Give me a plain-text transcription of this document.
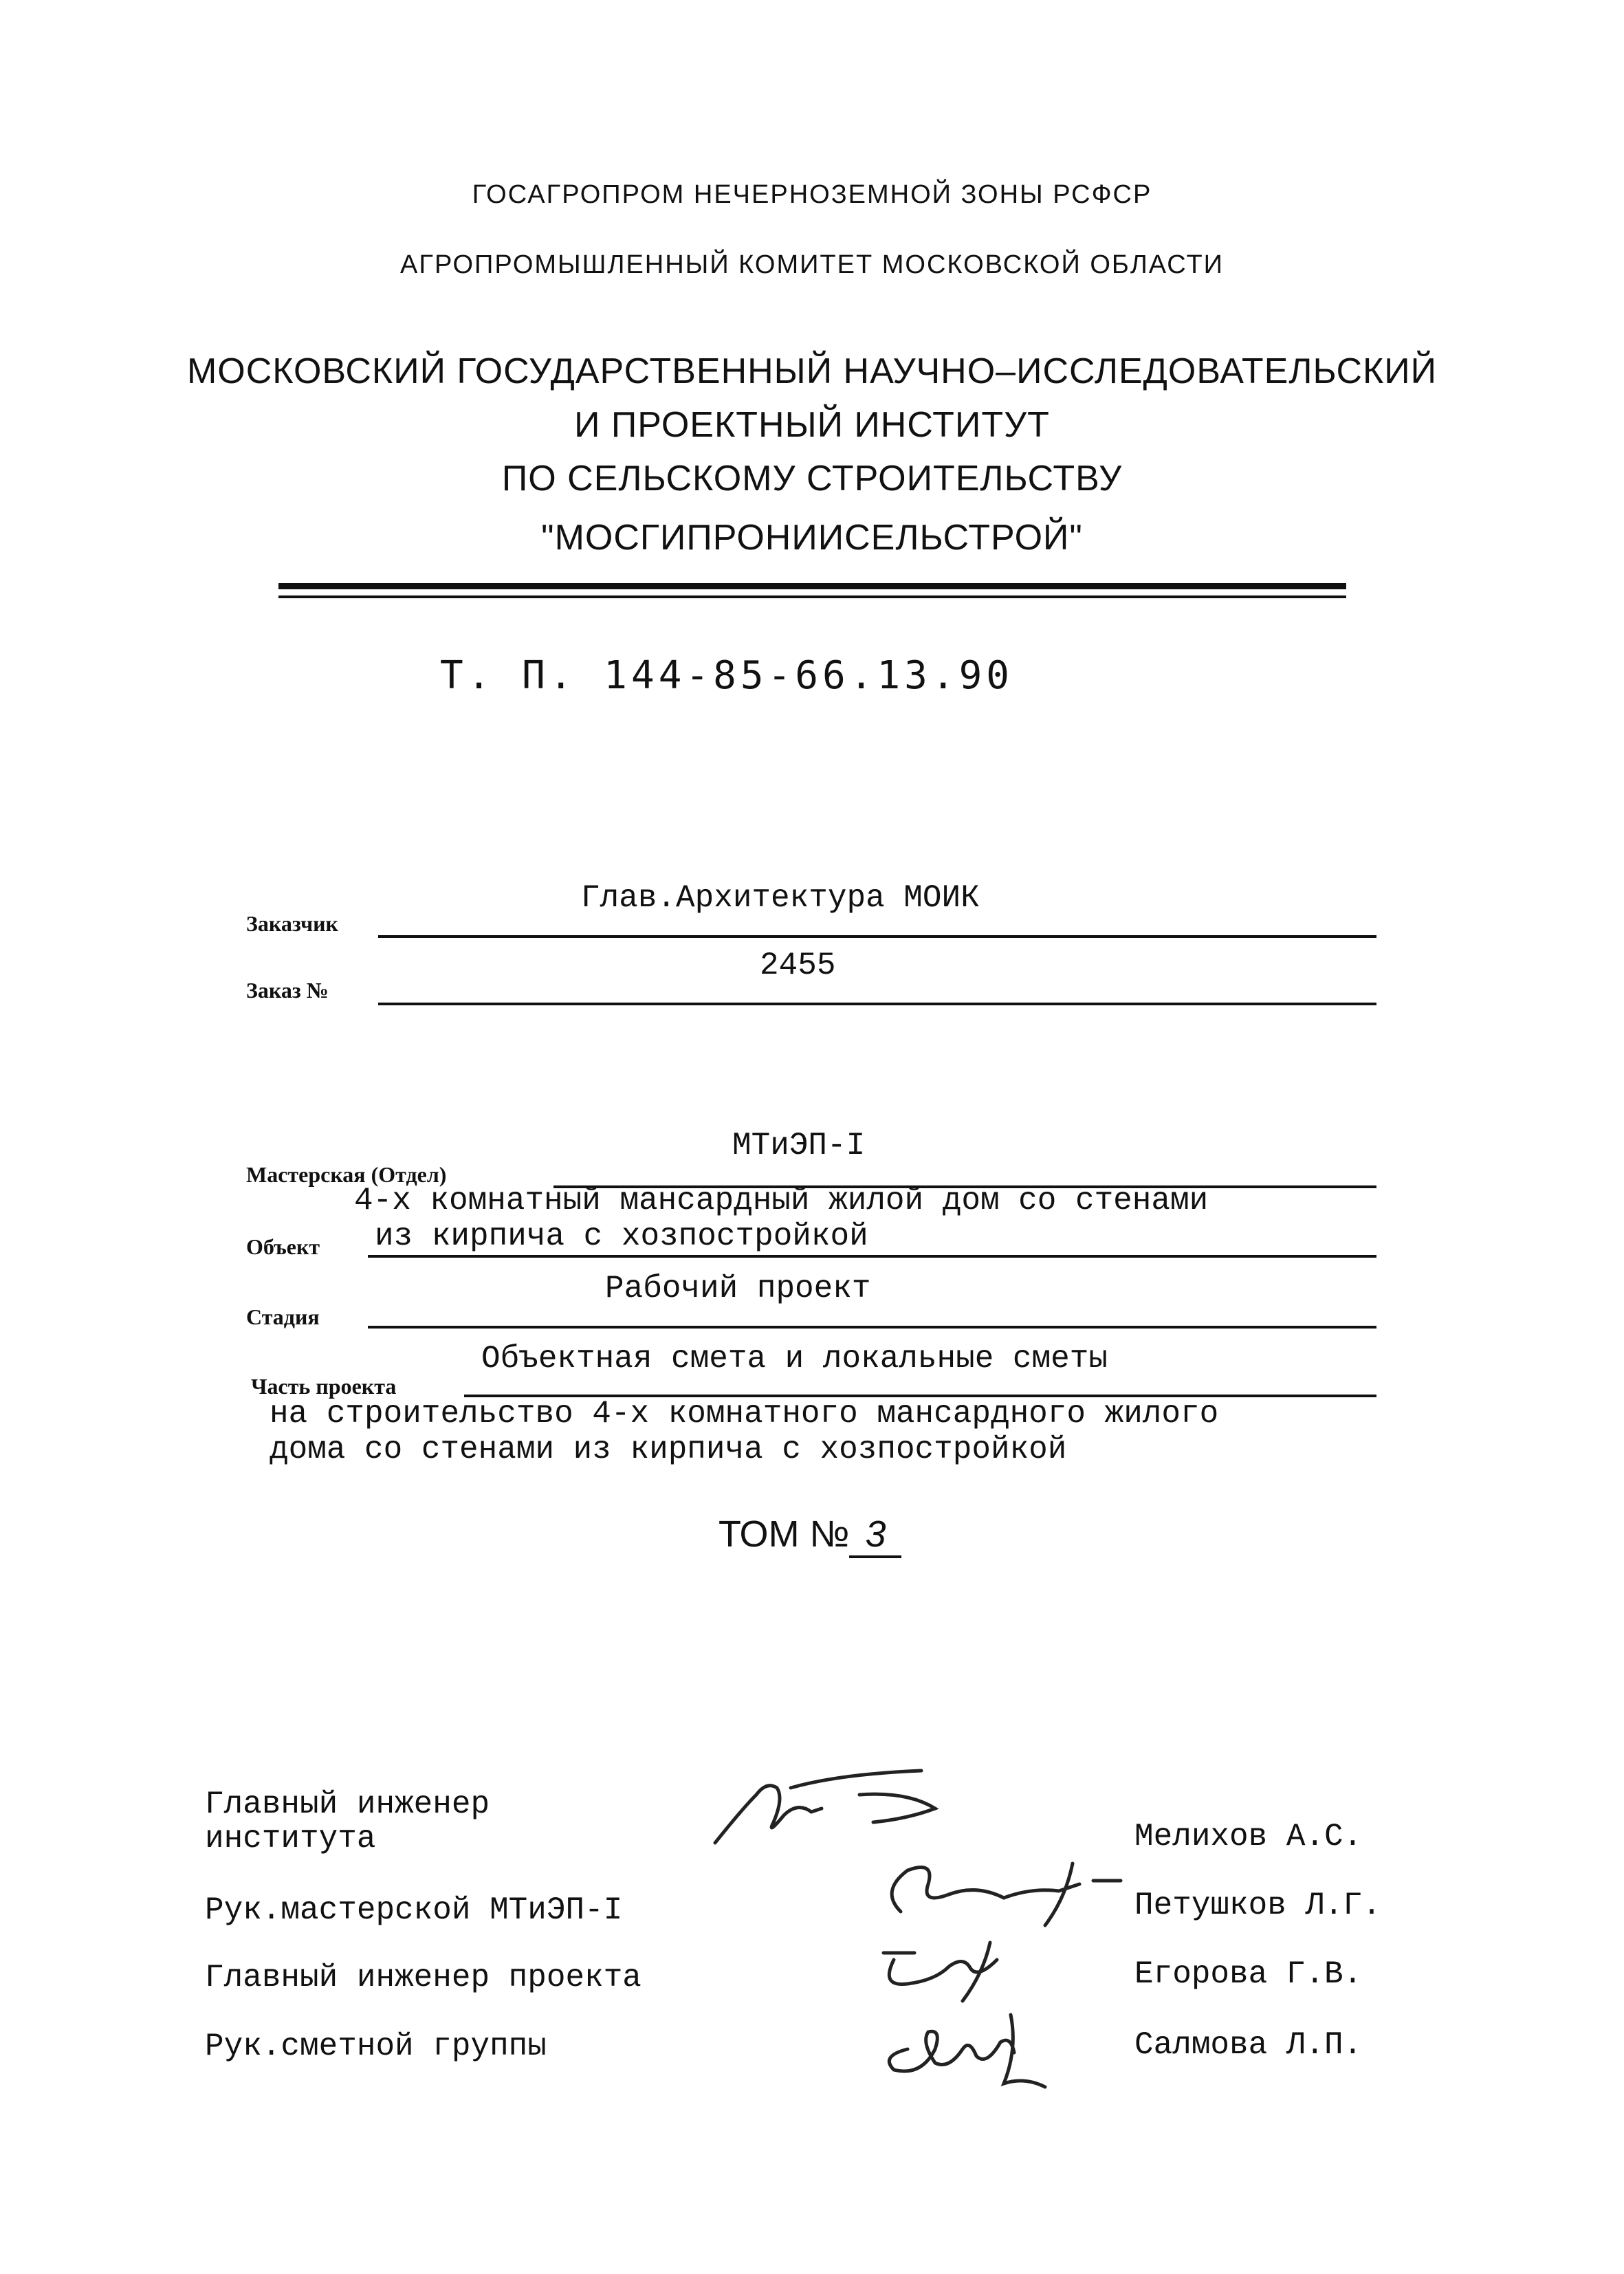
ГОСАГРОПРОМ НЕЧЕРНОЗЕМНОЙ ЗОНЫ РСФСР
АГРОПРОМЫШЛЕННЫЙ КОМИТЕТ МОСКОВСКОЙ ОБЛАСТИ
МОСКОВСКИЙ ГОСУДАРСТВЕННЫЙ НАУЧНО–ИССЛЕДОВАТЕЛЬСКИЙ
И ПРОЕКТНЫЙ ИНСТИТУТ
ПО СЕЛЬСКОМУ СТРОИТЕЛЬСТВУ
"МОСГИПРОНИИСЕЛЬСТРОЙ"
Т. П. 144-85-66.13.90
Глав.Архитектура МОИК
Заказчик
2455
Заказ №
МТиЭП-I
Мастерская (Отдел)
4-х комнатный мансардный жилой дом со стенами
из кирпича с хозпостройкой
Объект
Рабочий проект
Стадия
Объектная смета и локальные сметы
Часть проекта
на строительство 4-х комнатного мансардного жилого
дома со стенами из кирпича с хозпостройкой
ТОМ № 3
Главный инженер
института
Рук.мастерской МТиЭП-I
Главный инженер проекта
Рук.сметной группы
Мелихов А.С.
Петушков Л.Г.
Егорова Г.В.
Салмова Л.П.
